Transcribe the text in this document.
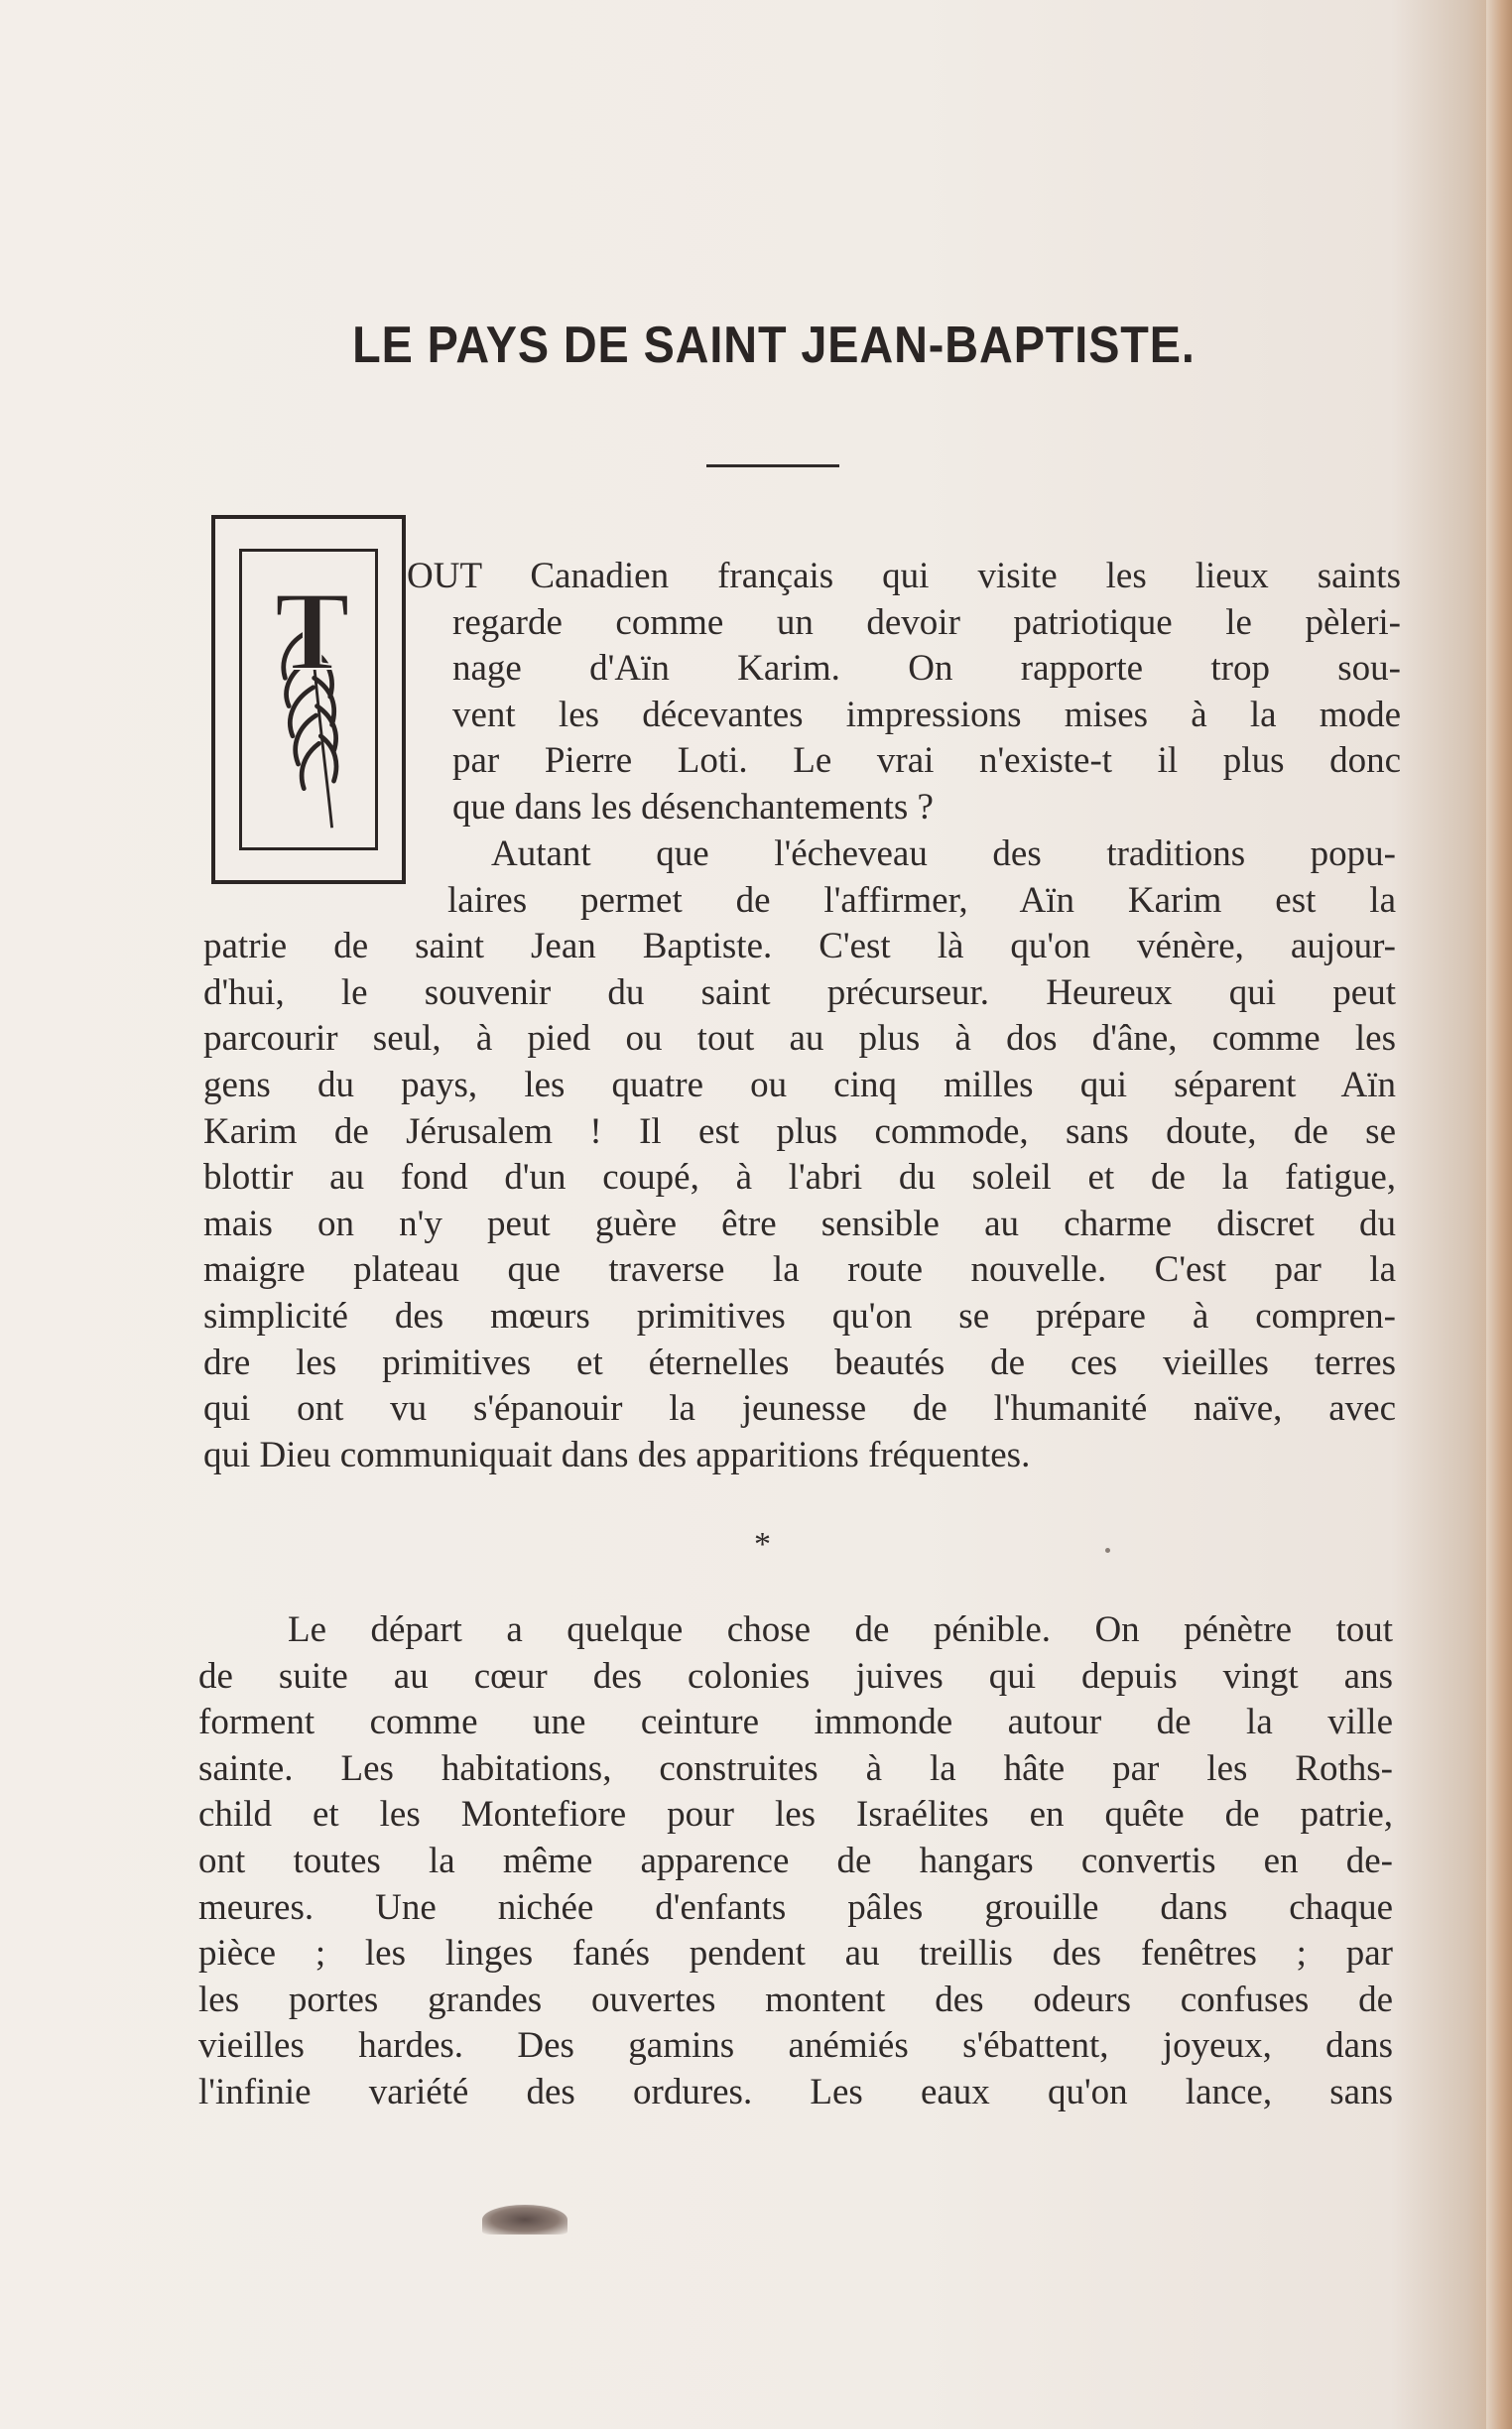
LE PAYS DE SAINT JEAN-BAPTISTE.
T OUT Canadien français qui visite les lieux saints
regarde comme un devoir patriotique le pèleri-
nage d'Aïn Karim. On rapporte trop sou-
vent les décevantes impressions mises à la mode
par Pierre Loti. Le vrai n'existe-t il plus donc
que dans les désenchantements ?

Autant que l'écheveau des traditions popu-
laires permet de l'affirmer, Aïn Karim est la
patrie de saint Jean Baptiste. C'est là qu'on vénère, aujour-
d'hui, le souvenir du saint précurseur. Heureux qui peut
parcourir seul, à pied ou tout au plus à dos d'âne, comme les
gens du pays, les quatre ou cinq milles qui séparent Aïn
Karim de Jérusalem ! Il est plus commode, sans doute, de se
blottir au fond d'un coupé, à l'abri du soleil et de la fatigue,
mais on n'y peut guère être sensible au charme discret du
maigre plateau que traverse la route nouvelle. C'est par la
simplicité des mœurs primitives qu'on se prépare à compren-
dre les primitives et éternelles beautés de ces vieilles terres
qui ont vu s'épanouir la jeunesse de l'humanité naïve, avec
qui Dieu communiquait dans des apparitions fréquentes.

*

Le départ a quelque chose de pénible. On pénètre tout
de suite au cœur des colonies juives qui depuis vingt ans
forment comme une ceinture immonde autour de la ville
sainte. Les habitations, construites à la hâte par les Roths-
child et les Montefiore pour les Israélites en quête de patrie,
ont toutes la même apparence de hangars convertis en de-
meures. Une nichée d'enfants pâles grouille dans chaque
pièce ; les linges fanés pendent au treillis des fenêtres ; par
les portes grandes ouvertes montent des odeurs confuses de
vieilles hardes. Des gamins anémiés s'ébattent, joyeux, dans
l'infinie variété des ordures. Les eaux qu'on lance, sans
